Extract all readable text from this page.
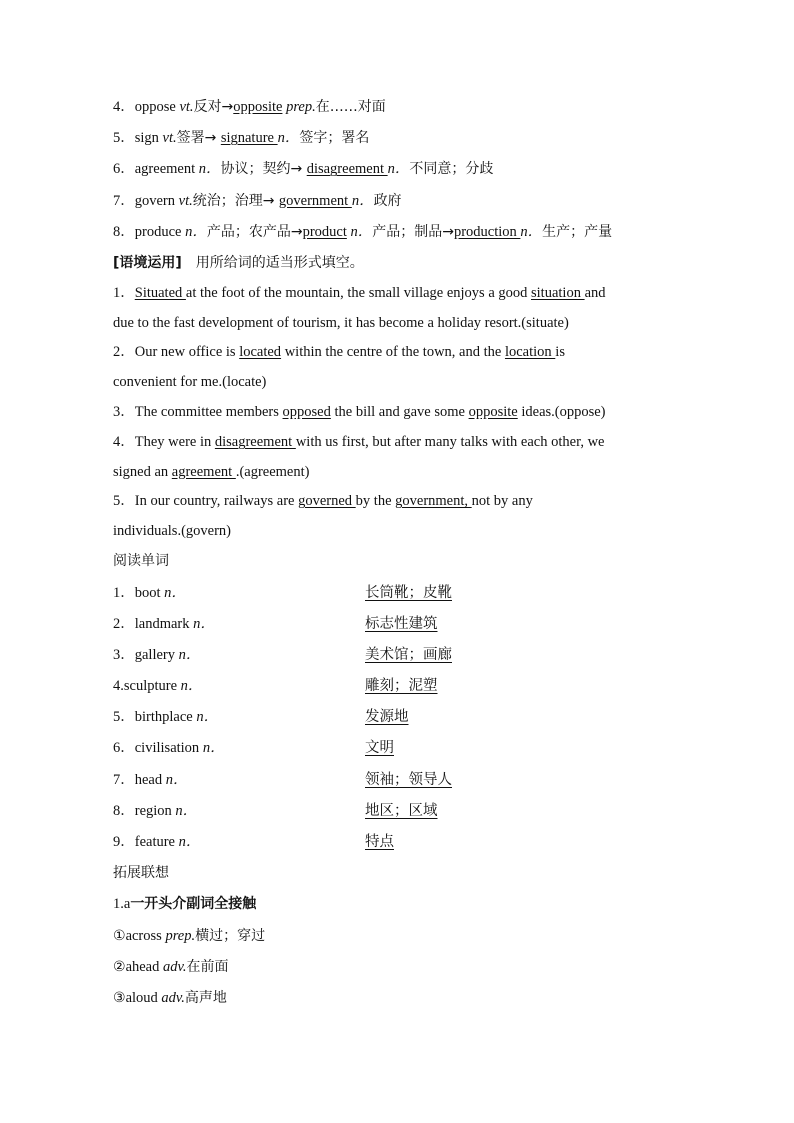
4．oppose vt.反对→opposite prep.在……对面
5．sign vt.签署→ signature n．签字；署名
6．agreement n．协议；契约→ disagreement n．不同意；分歧
7．govern vt.统治；治理→ government n．政府
8．produce n．产品；农产品→product n．产品；制品→production n．生产；产量
[语境运用]　用所给词的适当形式填空。
1．Situated at the foot of the mountain, the small village enjoys a good situation and
due to the fast development of tourism, it has become a holiday resort.(situate)
2．Our new office is located within the centre of the town, and the location is
convenient for me.(locate)
3．The committee members opposed the bill and gave some opposite ideas.(oppose)
4．They were in disagreement with us first, but after many talks with each other, we
signed an agreement .(agreement)
5．In our country, railways are governed by the government, not by any
individuals.(govern)
阅读单词
1．boot n．	长筒靴；皮靴
2．landmark n．	标志性建筑
3．gallery n．	美术馆；画廊
4.sculpture n．	雕刻；泥塑
5．birthplace n．	发源地
6．civilisation n．	文明
7．head n．	领袖；领导人
8．region n．	地区；区域
9．feature n．	特点
拓展联想
1.a一开头介副词全接触
①across prep.横过；穿过
②ahead adv.在前面
③aloud adv.高声地
